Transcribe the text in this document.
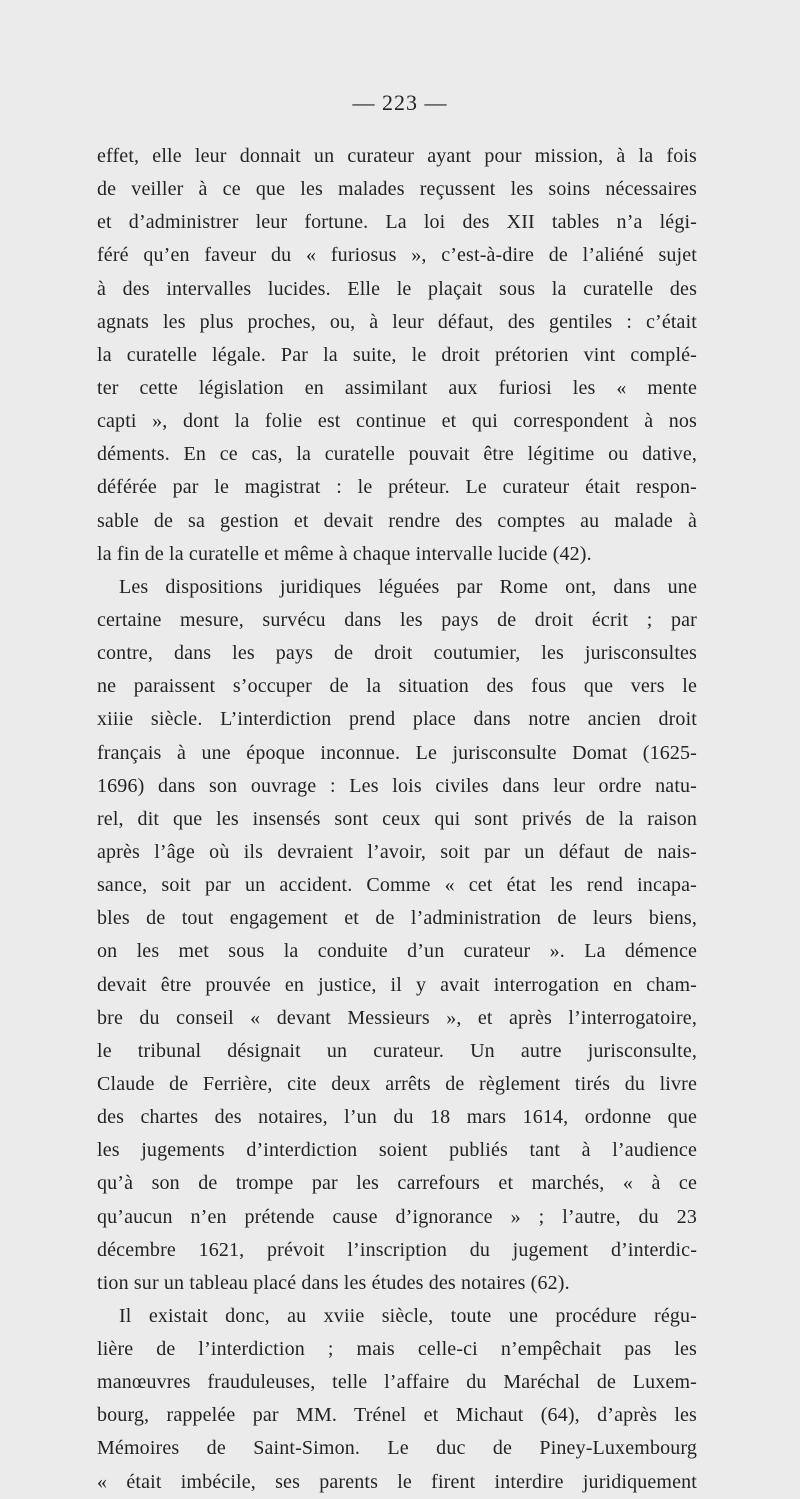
— 223 —
effet, elle leur donnait un curateur ayant pour mission, à la fois
de veiller à ce que les malades reçussent les soins nécessaires
et d’administrer leur fortune. La loi des XII tables n’a légi-
féré qu’en faveur du « furiosus », c’est-à-dire de l’aliéné sujet
à des intervalles lucides. Elle le plaçait sous la curatelle des
agnats les plus proches, ou, à leur défaut, des gentiles : c’était
la curatelle légale. Par la suite, le droit prétorien vint complé-
ter cette législation en assimilant aux furiosi les « mente
capti », dont la folie est continue et qui correspondent à nos
déments. En ce cas, la curatelle pouvait être légitime ou dative,
déférée par le magistrat : le préteur. Le curateur était respon-
sable de sa gestion et devait rendre des comptes au malade à
la fin de la curatelle et même à chaque intervalle lucide (42).
Les dispositions juridiques léguées par Rome ont, dans une
certaine mesure, survécu dans les pays de droit écrit ; par
contre, dans les pays de droit coutumier, les jurisconsultes
ne paraissent s’occuper de la situation des fous que vers le
xiiie siècle. L’interdiction prend place dans notre ancien droit
français à une époque inconnue. Le jurisconsulte Domat (1625-
1696) dans son ouvrage : Les lois civiles dans leur ordre natu-
rel, dit que les insensés sont ceux qui sont privés de la raison
après l’âge où ils devraient l’avoir, soit par un défaut de nais-
sance, soit par un accident. Comme « cet état les rend incapa-
bles de tout engagement et de l’administration de leurs biens,
on les met sous la conduite d’un curateur ». La démence
devait être prouvée en justice, il y avait interrogation en cham-
bre du conseil « devant Messieurs », et après l’interrogatoire,
le tribunal désignait un curateur. Un autre jurisconsulte,
Claude de Ferrière, cite deux arrêts de règlement tirés du livre
des chartes des notaires, l’un du 18 mars 1614, ordonne que
les jugements d’interdiction soient publiés tant à l’audience
qu’à son de trompe par les carrefours et marchés, « à ce
qu’aucun n’en prétende cause d’ignorance » ; l’autre, du 23
décembre 1621, prévoit l’inscription du jugement d’interdic-
tion sur un tableau placé dans les études des notaires (62).
Il existait donc, au xviie siècle, toute une procédure régu-
lière de l’interdiction ; mais celle-ci n’empêchait pas les
manœuvres frauduleuses, telle l’affaire du Maréchal de Luxem-
bourg, rappelée par MM. Trénel et Michaut (64), d’après les
Mémoires de Saint-Simon. Le duc de Piney-Luxembourg
« était imbécile, ses parents le firent interdire juridiquement
